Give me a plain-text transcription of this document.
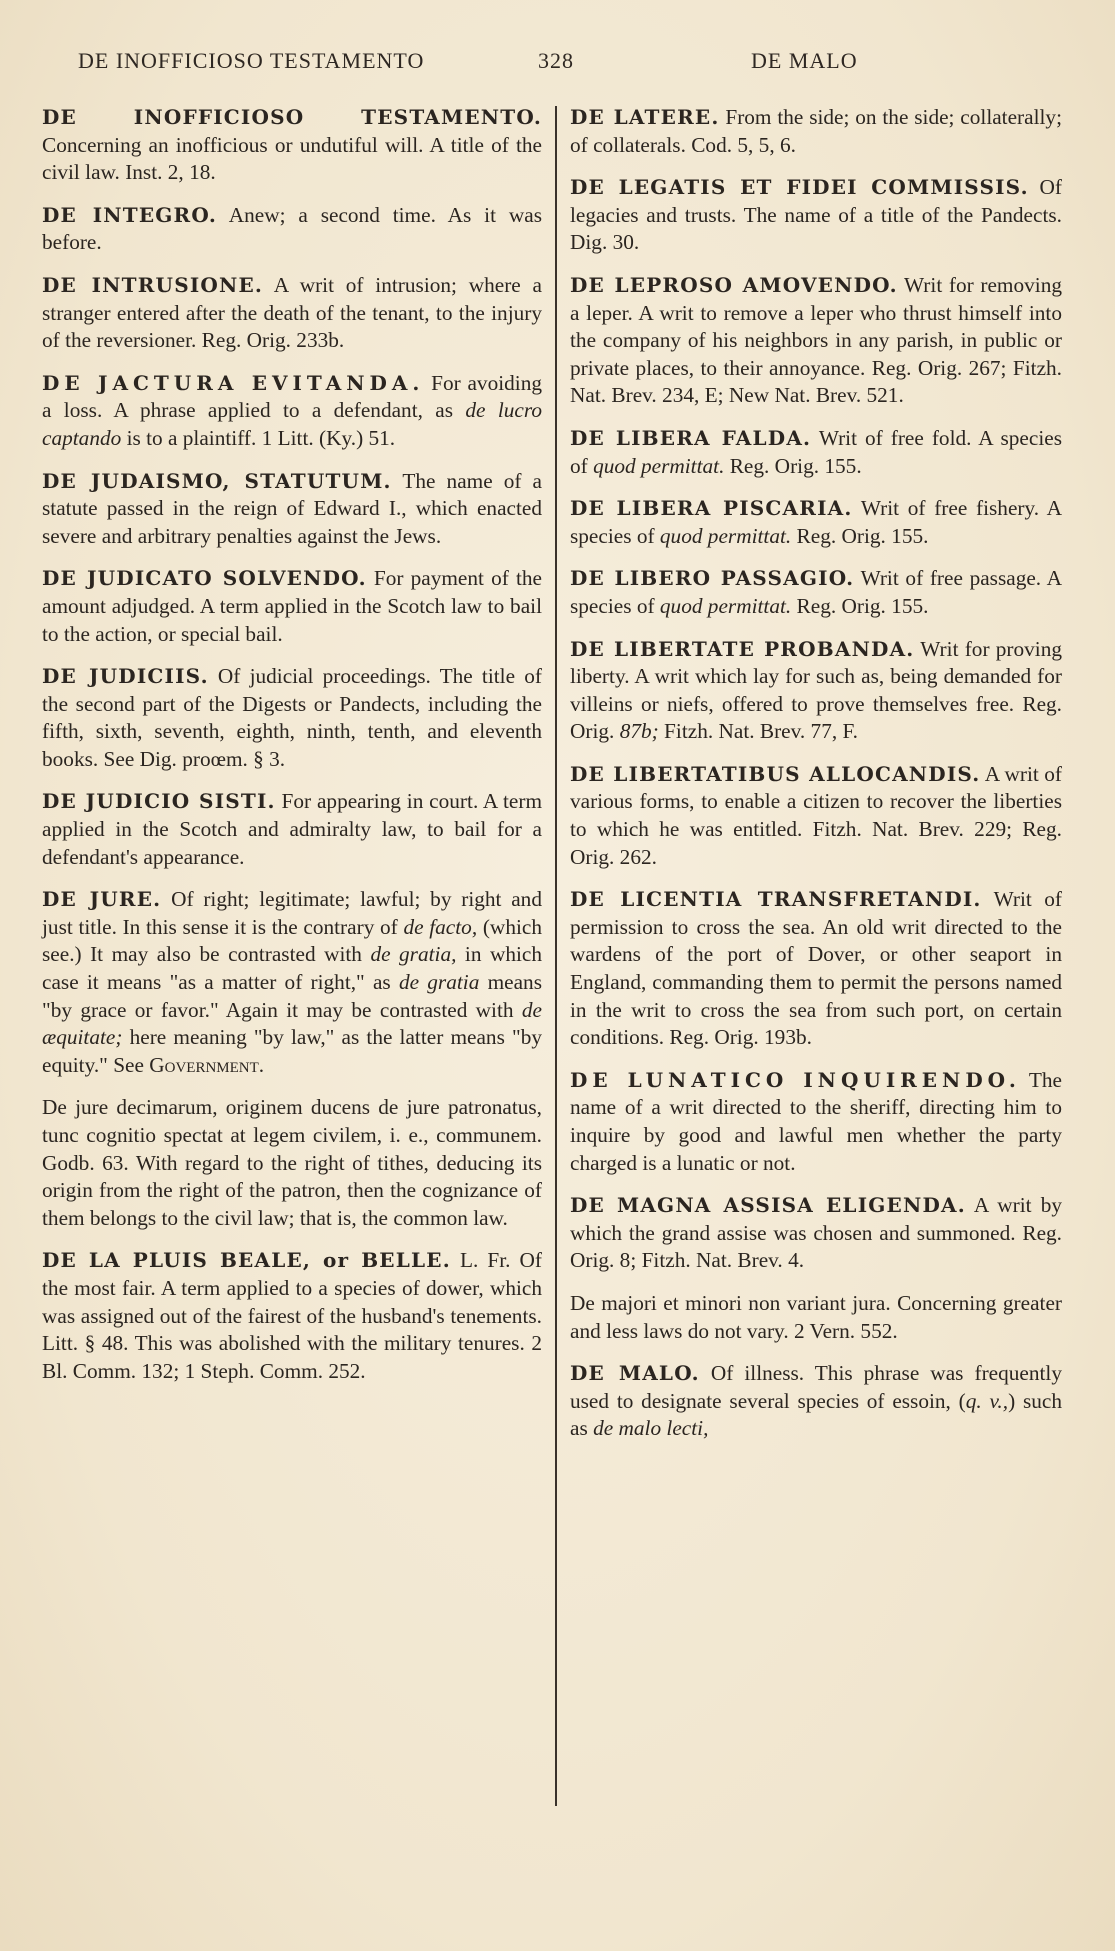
DE INOFFICIOSO TESTAMENTO	328	DE MALO

DE INOFFICIOSO TESTAMENTO. Concerning an inofficious or undutiful will. A title of the civil law. Inst. 2, 18.

DE INTEGRO. Anew; a second time. As it was before.

DE INTRUSIONE. A writ of intrusion; where a stranger entered after the death of the tenant, to the injury of the reversioner. Reg. Orig. 233b.

DE JACTURA EVITANDA. For avoiding a loss. A phrase applied to a defendant, as de lucro captando is to a plaintiff. 1 Litt. (Ky.) 51.

DE JUDAISMO, STATUTUM. The name of a statute passed in the reign of Edward I., which enacted severe and arbitrary penalties against the Jews.

DE JUDICATO SOLVENDO. For payment of the amount adjudged. A term applied in the Scotch law to bail to the action, or special bail.

DE JUDICIIS. Of judicial proceedings. The title of the second part of the Digests or Pandects, including the fifth, sixth, seventh, eighth, ninth, tenth, and eleventh books. See Dig. proœm. § 3.

DE JUDICIO SISTI. For appearing in court. A term applied in the Scotch and admiralty law, to bail for a defendant's appearance.

DE JURE. Of right; legitimate; lawful; by right and just title. In this sense it is the contrary of de facto, (which see.) It may also be contrasted with de gratia, in which case it means "as a matter of right," as de gratia means "by grace or favor." Again it may be contrasted with de æquitate; here meaning "by law," as the latter means "by equity." See Government.

De jure decimarum, originem ducens de jure patronatus, tunc cognitio spectat at legem civilem, i. e., communem. Godb. 63. With regard to the right of tithes, deducing its origin from the right of the patron, then the cognizance of them belongs to the civil law; that is, the common law.

DE LA PLUIS BEALE, or BELLE. L. Fr. Of the most fair. A term applied to a species of dower, which was assigned out of the fairest of the husband's tenements. Litt. § 48. This was abolished with the military tenures. 2 Bl. Comm. 132; 1 Steph. Comm. 252.

DE LATERE. From the side; on the side; collaterally; of collaterals. Cod. 5, 5, 6.

DE LEGATIS ET FIDEI COMMISSIS. Of legacies and trusts. The name of a title of the Pandects. Dig. 30.

DE LEPROSO AMOVENDO. Writ for removing a leper. A writ to remove a leper who thrust himself into the company of his neighbors in any parish, in public or private places, to their annoyance. Reg. Orig. 267; Fitzh. Nat. Brev. 234, E; New Nat. Brev. 521.

DE LIBERA FALDA. Writ of free fold. A species of quod permittat. Reg. Orig. 155.

DE LIBERA PISCARIA. Writ of free fishery. A species of quod permittat. Reg. Orig. 155.

DE LIBERO PASSAGIO. Writ of free passage. A species of quod permittat. Reg. Orig. 155.

DE LIBERTATE PROBANDA. Writ for proving liberty. A writ which lay for such as, being demanded for villeins or niefs, offered to prove themselves free. Reg. Orig. 87b; Fitzh. Nat. Brev. 77, F.

DE LIBERTATIBUS ALLOCANDIS. A writ of various forms, to enable a citizen to recover the liberties to which he was entitled. Fitzh. Nat. Brev. 229; Reg. Orig. 262.

DE LICENTIA TRANSFRETANDI. Writ of permission to cross the sea. An old writ directed to the wardens of the port of Dover, or other seaport in England, commanding them to permit the persons named in the writ to cross the sea from such port, on certain conditions. Reg. Orig. 193b.

DE LUNATICO INQUIRENDO. The name of a writ directed to the sheriff, directing him to inquire by good and lawful men whether the party charged is a lunatic or not.

DE MAGNA ASSISA ELIGENDA. A writ by which the grand assise was chosen and summoned. Reg. Orig. 8; Fitzh. Nat. Brev. 4.

De majori et minori non variant jura. Concerning greater and less laws do not vary. 2 Vern. 552.

DE MALO. Of illness. This phrase was frequently used to designate several species of essoin, (q. v.,) such as de malo lecti,
